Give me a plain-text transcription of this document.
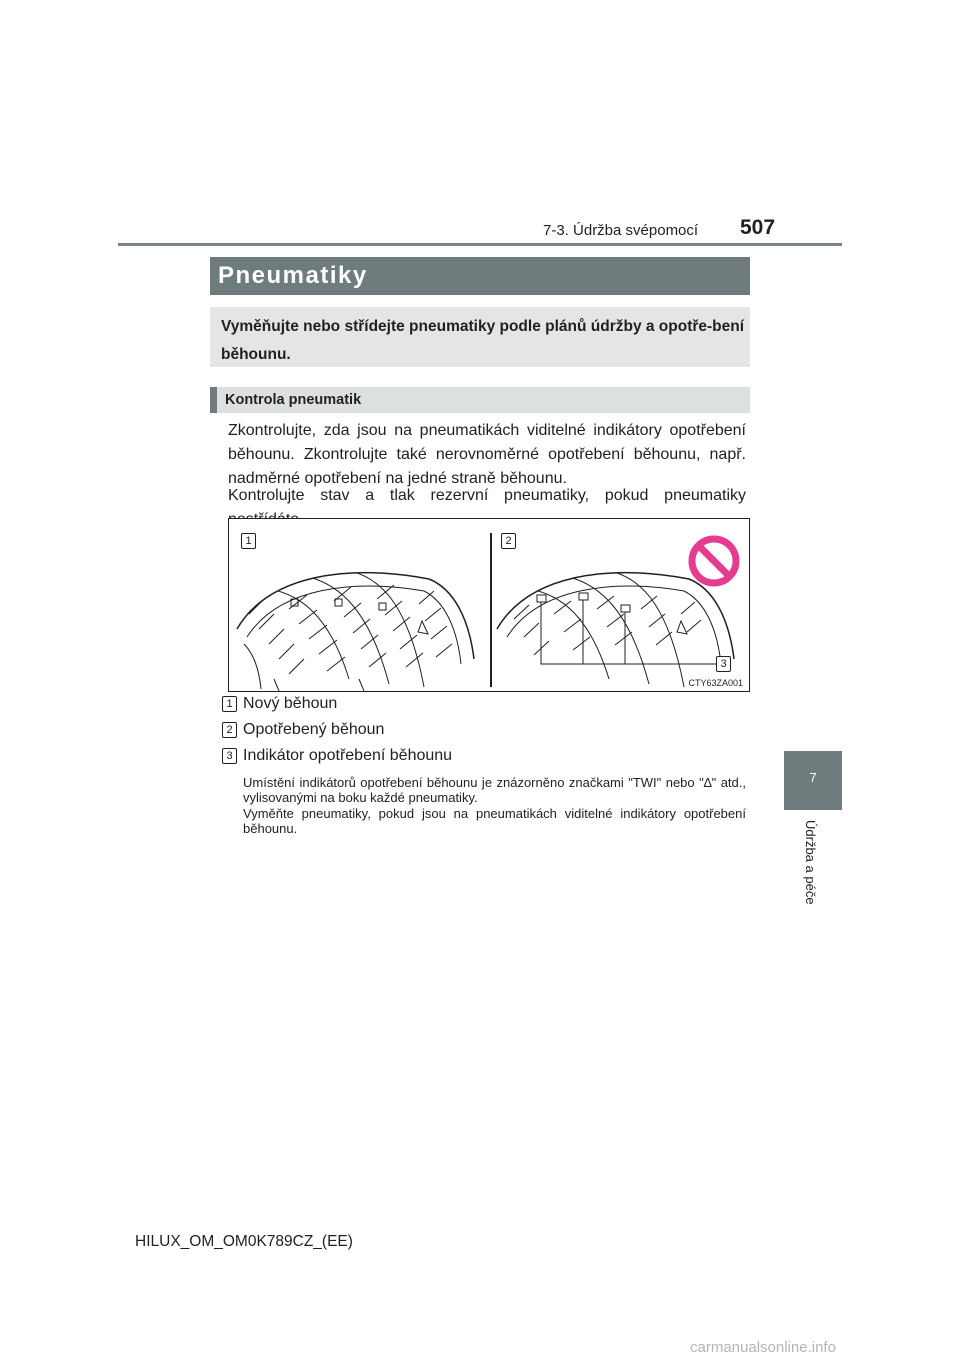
7-3. Údržba svépomocí 507
Pneumatiky
Vyměňujte nebo střídejte pneumatiky podle plánů údržby a opotře-bení běhounu.
Kontrola pneumatik
Zkontrolujte, zda jsou na pneumatikách viditelné indikátory opotřebení běhounu. Zkontrolujte také nerovnoměrné opotřebení běhounu, např. nadměrné opotřebení na jedné straně běhounu.
Kontrolujte stav a tlak rezervní pneumatiky, pokud pneumatiky
1	2
3
CTY63ZA001
1 Nový běhoun
2 Opotřebený běhoun
3 Indikátor opotřebení běhounu
Umístění indikátorů opotřebení běhounu je znázorněno značkami "TWI" nebo "∆" atd., vylisovanými na boku každé pneumatiky.
Vyměňte pneumatiky, pokud jsou na pneumatikách viditelné indikátory opotřebení běhounu.
7
Údržba a péče
HILUX_OM_OM0K789CZ_(EE)
carmanualsonline.info
